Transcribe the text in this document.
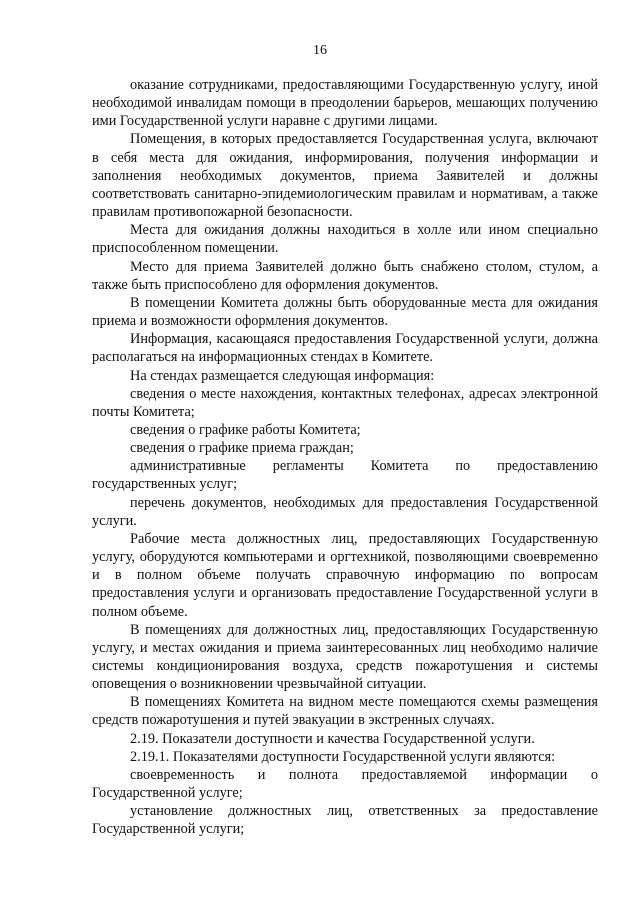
16

оказание сотрудниками, предоставляющими Государственную услугу, иной необходимой инвалидам помощи в преодолении барьеров, мешающих получению ими Государственной услуги наравне с другими лицами.

Помещения, в которых предоставляется Государственная услуга, включают в себя места для ожидания, информирования, получения информации и заполнения необходимых документов, приема Заявителей и должны соответствовать санитарно-эпидемиологическим правилам и нормативам, а также правилам противопожарной безопасности.

Места для ожидания должны находиться в холле или ином специально приспособленном помещении.

Место для приема Заявителей должно быть снабжено столом, стулом, а также быть приспособлено для оформления документов.

В помещении Комитета должны быть оборудованные места для ожидания приема и возможности оформления документов.

Информация, касающаяся предоставления Государственной услуги, должна располагаться на информационных стендах в Комитете.

На стендах размещается следующая информация:

сведения о месте нахождения, контактных телефонах, адресах электронной почты Комитета;

сведения о графике работы Комитета;

сведения о графике приема граждан;

административные регламенты Комитета по предоставлению государственных услуг;

перечень документов, необходимых для предоставления Государственной услуги.

Рабочие места должностных лиц, предоставляющих Государственную услугу, оборудуются компьютерами и оргтехникой, позволяющими своевременно и в полном объеме получать справочную информацию по вопросам предоставления услуги и организовать предоставление Государственной услуги в полном объеме.

В помещениях для должностных лиц, предоставляющих Государственную услугу, и местах ожидания и приема заинтересованных лиц необходимо наличие системы кондиционирования воздуха, средств пожаротушения и системы оповещения о возникновении чрезвычайной ситуации.

В помещениях Комитета на видном месте помещаются схемы размещения средств пожаротушения и путей эвакуации в экстренных случаях.

2.19. Показатели доступности и качества Государственной услуги.

2.19.1. Показателями доступности Государственной услуги являются:

своевременность и полнота предоставляемой информации о Государственной услуге;

установление должностных лиц, ответственных за предоставление Государственной услуги;
